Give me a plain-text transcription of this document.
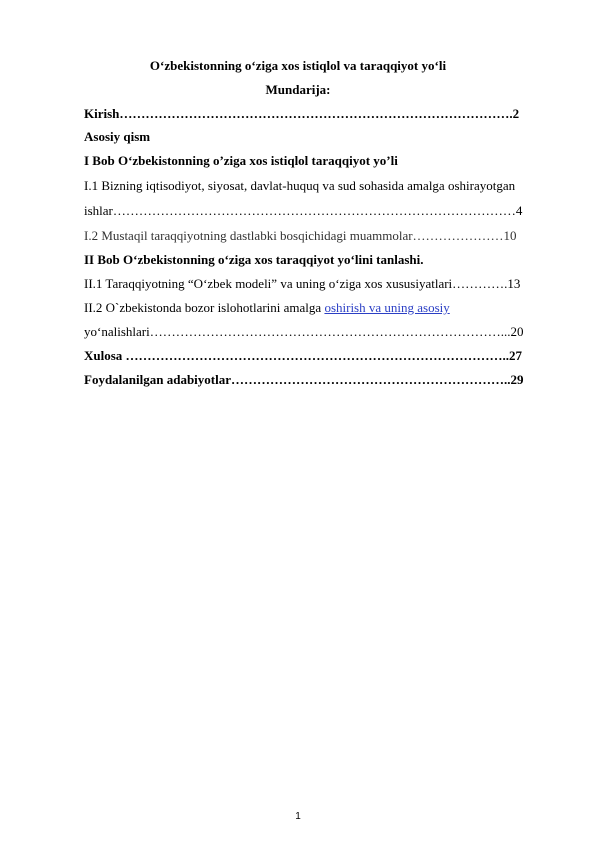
O‘zbekistonning o‘ziga xos istiqlol va taraqqiyot yo‘li
Mundarija:
Kirish……………………………………………………………………………….2
Asosiy qism
I Bob O‘zbekistonning o’ziga xos istiqlol taraqqiyot yo’li
I.1 Bizning iqtisodiyot, siyosat, davlat-huquq va sud sohasida amalga oshirayotgan
ishlar…………………………………………………………………………………4
I.2 Mustaqil taraqqiyotning dastlabki bosqichidagi muammolar…………………10
II Bob O‘zbekistonning o‘ziga xos taraqqiyot yo‘lini tanlashi.
II.1 Taraqqiyotning “O‘zbek modeli” va uning o‘ziga xos xususiyatlari………….13
II.2 O`zbekistonda bozor islohotlarini amalga oshirish va uning asosiy
yo‘nalishlari………………………………………………………………………...20
Xulosa ……………………………………………………………………………..27
Foydalanilgan adabiyotlar………………………………………………………..29
1
